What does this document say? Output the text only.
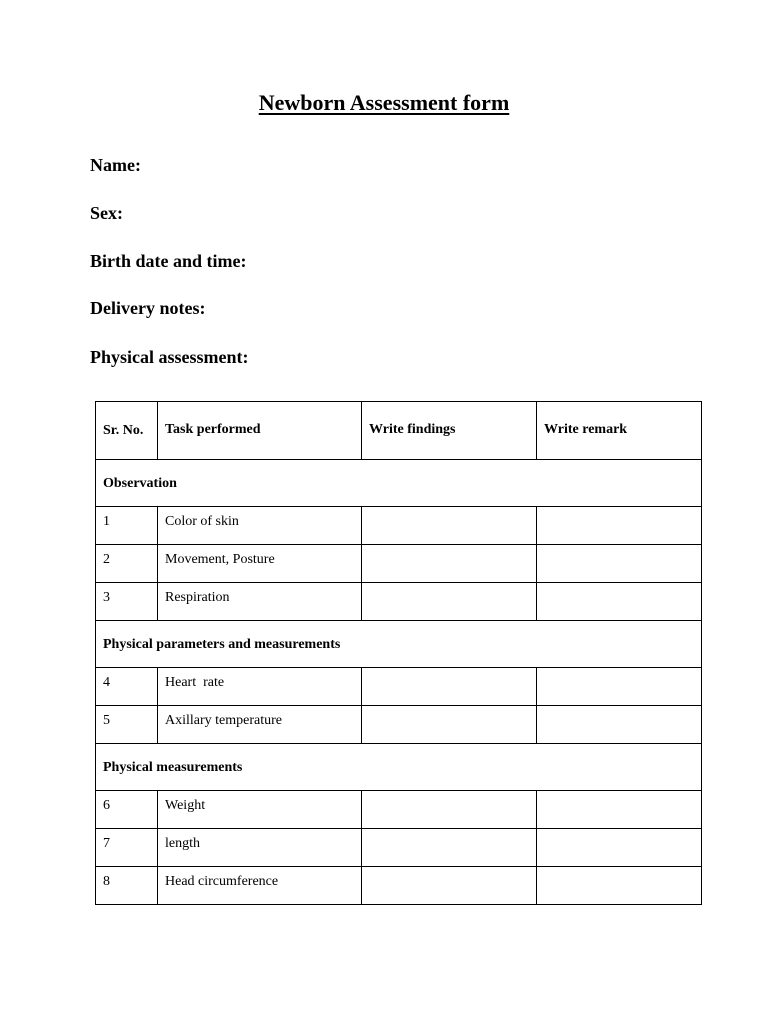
Newborn Assessment form
Name:
Sex:
Birth date and time:
Delivery notes:
Physical assessment:
Sr. No.	Task performed	Write findings	Write remark
Observation			
1	Color of skin		
2	Movement, Posture		
3	Respiration		
Physical parameters and measurements			
4	Heart  rate		
5	Axillary temperature		
Physical measurements			
6	Weight		
7	length		
8	Head circumference		
